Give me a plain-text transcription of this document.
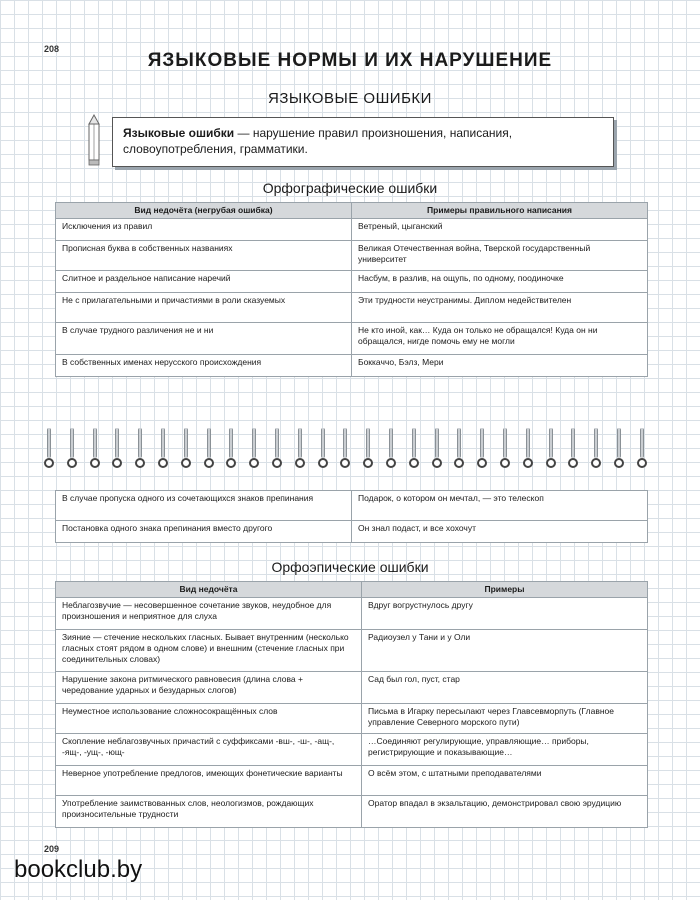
208
ЯЗЫКОВЫЕ НОРМЫ И ИХ НАРУШЕНИЕ
ЯЗЫКОВЫЕ ОШИБКИ
Языковые ошибки — нарушение правил произношения, написания, словоупотребления, грамматики.
Орфографические ошибки
Вид недочёта (негрубая ошибка)	Примеры правильного написания
Исключения из правил	Ветреный, цыганский
Прописная буква в собственных названиях	Великая Отечественная война, Тверской государственный университет
Слитное и раздельное написание наречий	Насбум, в разлив, на ощупь, по одному, поодиночке
Не с прилагательными и причастиями в роли сказуемых	Эти трудности неустранимы. Диплом недействителен
В случае трудного различения не и ни	Не кто иной, как… Куда он только не обращался! Куда он ни обращался, нигде помочь ему не могли
В собственных именах нерусского происхождения	Боккаччо, Бэлз, Мери
В случае пропуска одного из сочетающихся знаков препинания	Подарок, о котором он мечтал, — это телескоп
Постановка одного знака препинания вместо другого	Он знал подаст, и все хохочут
Орфоэпические ошибки
Вид недочёта	Примеры
Неблагозвучие — несовершенное сочетание звуков, неудобное для произношения и неприятное для слуха	Вдруг вогрустнулось другу
Зияние — стечение нескольких гласных. Бывает внутренним (несколько гласных стоят рядом в одном слове) и внешним (стечение гласных при соединительных словах)	Радиоузел у Тани и у Оли
Нарушение закона ритмического равновесия (длина слова + чередование ударных и безударных слогов)	Сад был гол, пуст, стар
Неуместное использование сложносокращённых слов	Письма в Игарку пересылают через Главсевморпуть (Главное управление Северного морского пути)
Скопление неблагозвучных причастий с суффиксами -вш-, -ш-, -ащ-, -ящ-, -ущ-, -ющ-	…Соединяют регулирующие, управляющие… приборы, регистрирующие и показывающие…
Неверное употребление предлогов, имеющих фонетические варианты	О всём этом, с штатными преподавателями
Употребление заимствованных слов, неологизмов, рождающих произносительные трудности	Оратор впадал в экзальтацию, демонстрировал свою эрудицию
209
bookclub.by
